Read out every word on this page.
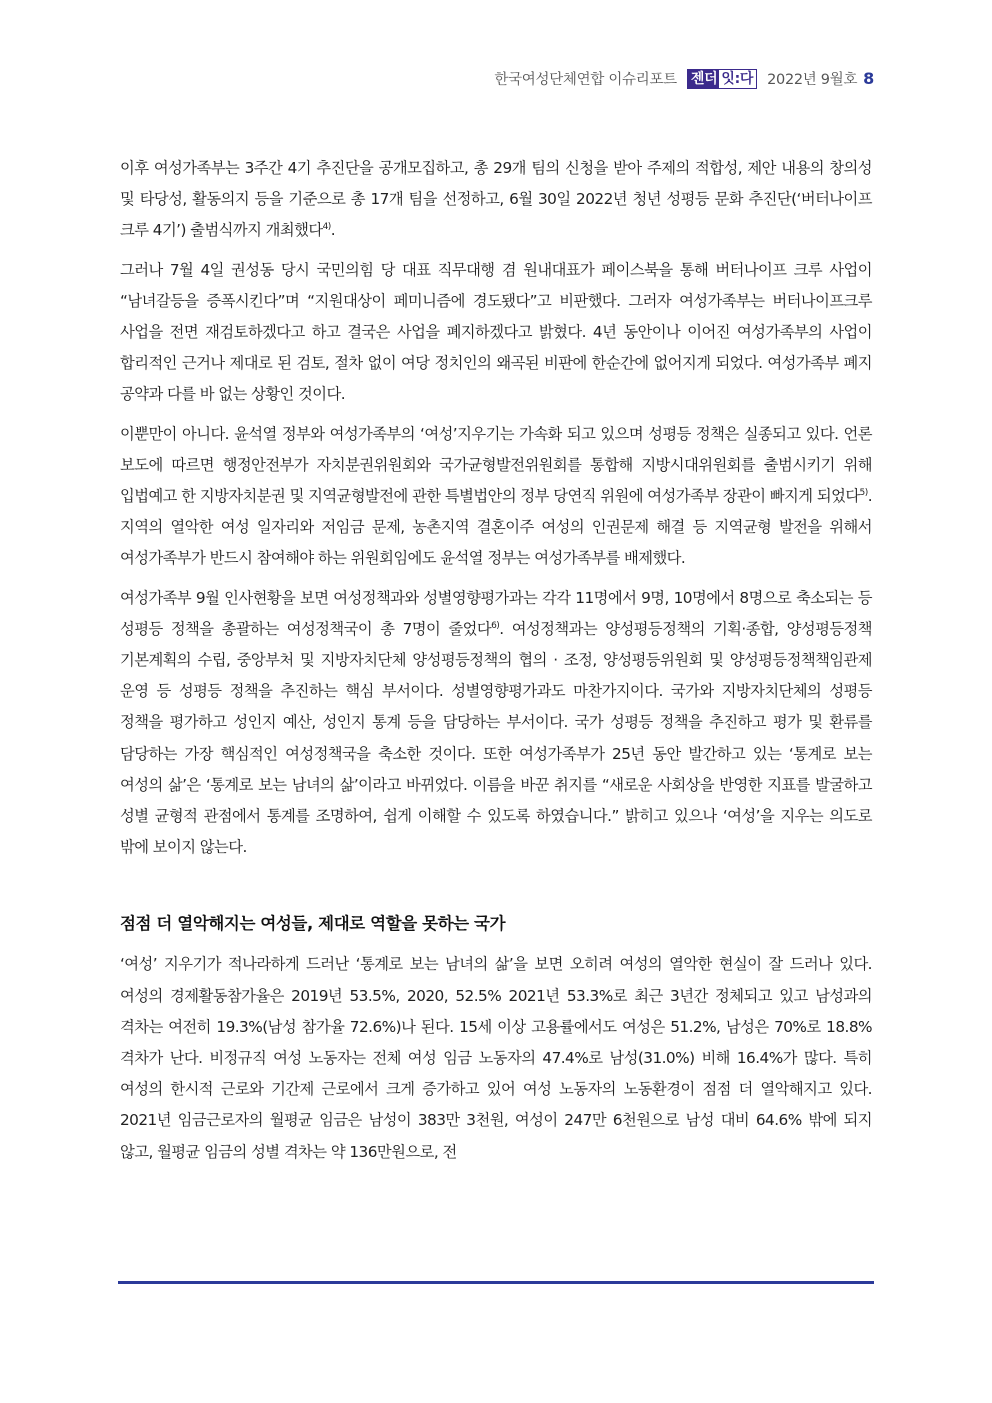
한국여성단체연합 이슈리포트 젠더 잇:다 2022년 9월호 8

이후 여성가족부는 3주간 4기 추진단을 공개모집하고, 총 29개 팀의 신청을 받아 주제의 적합성, 제안 내용의 창의성 및 타당성, 활동의지 등을 기준으로 총 17개 팀을 선정하고, 6월 30일 2022년 청년 성평등 문화 추진단(‘버터나이프 크루 4기’) 출범식까지 개최했다$^{4)}$.

그러나 7월 4일 권성동 당시 국민의힘 당 대표 직무대행 겸 원내대표가 페이스북을 통해 버터나이프 크루 사업이 “남녀갈등을 증폭시킨다”며 “지원대상이 페미니즘에 경도됐다”고 비판했다. 그러자 여성가족부는 버터나이프크루 사업을 전면 재검토하겠다고 하고 결국은 사업을 폐지하겠다고 밝혔다. 4년 동안이나 이어진 여성가족부의 사업이 합리적인 근거나 제대로 된 검토, 절차 없이 여당 정치인의 왜곡된 비판에 한순간에 없어지게 되었다. 여성가족부 폐지 공약과 다를 바 없는 상황인 것이다.

이뿐만이 아니다. 윤석열 정부와 여성가족부의 ‘여성’지우기는 가속화 되고 있으며 성평등 정책은 실종되고 있다. 언론 보도에 따르면 행정안전부가 자치분권위원회와 국가균형발전위원회를 통합해 지방시대위원회를 출범시키기 위해 입법예고 한 지방자치분권 및 지역균형발전에 관한 특별법안의 정부 당연직 위원에 여성가족부 장관이 빠지게 되었다$^{5)}$. 지역의 열악한 여성 일자리와 저임금 문제, 농촌지역 결혼이주 여성의 인권문제 해결 등 지역균형 발전을 위해서 여성가족부가 반드시 참여해야 하는 위원회임에도 윤석열 정부는 여성가족부를 배제했다.

여성가족부 9월 인사현황을 보면 여성정책과와 성별영향평가과는 각각 11명에서 9명, 10명에서 8명으로 축소되는 등 성평등 정책을 총괄하는 여성정책국이 총 7명이 줄었다$^{6)}$. 여성정책과는 양성평등정책의 기획·종합, 양성평등정책 기본계획의 수립, 중앙부처 및 지방자치단체 양성평등정책의 협의 · 조정, 양성평등위원회 및 양성평등정책책임관제 운영 등 성평등 정책을 추진하는 핵심 부서이다. 성별영향평가과도 마찬가지이다. 국가와 지방자치단체의 성평등 정책을 평가하고 성인지 예산, 성인지 통계 등을 담당하는 부서이다. 국가 성평등 정책을 추진하고 평가 및 환류를 담당하는 가장 핵심적인 여성정책국을 축소한 것이다. 또한 여성가족부가 25년 동안 발간하고 있는 ‘통계로 보는 여성의 삶’은 ‘통계로 보는 남녀의 삶’이라고 바뀌었다. 이름을 바꾼 취지를 “새로운 사회상을 반영한 지표를 발굴하고 성별 균형적 관점에서 통계를 조명하여, 쉽게 이해할 수 있도록 하였습니다.” 밝히고 있으나 ‘여성’을 지우는 의도로 밖에 보이지 않는다.

점점 더 열악해지는 여성들, 제대로 역할을 못하는 국가

‘여성’ 지우기가 적나라하게 드러난 ‘통계로 보는 남녀의 삶’을 보면 오히려 여성의 열악한 현실이 잘 드러나 있다. 여성의 경제활동참가율은 2019년 53.5%, 2020, 52.5% 2021년 53.3%로 최근 3년간 정체되고 있고 남성과의 격차는 여전히 19.3%(남성 참가율 72.6%)나 된다. 15세 이상 고용률에서도 여성은 51.2%, 남성은 70%로 18.8% 격차가 난다. 비정규직 여성 노동자는 전체 여성 임금 노동자의 47.4%로 남성(31.0%) 비해 16.4%가 많다. 특히 여성의 한시적 근로와 기간제 근로에서 크게 증가하고 있어 여성 노동자의 노동환경이 점점 더 열악해지고 있다. 2021년 임금근로자의 월평균 임금은 남성이 383만 3천원, 여성이 247만 6천원으로 남성 대비 64.6% 밖에 되지 않고, 월평균 임금의 성별 격차는 약 136만원으로, 전
